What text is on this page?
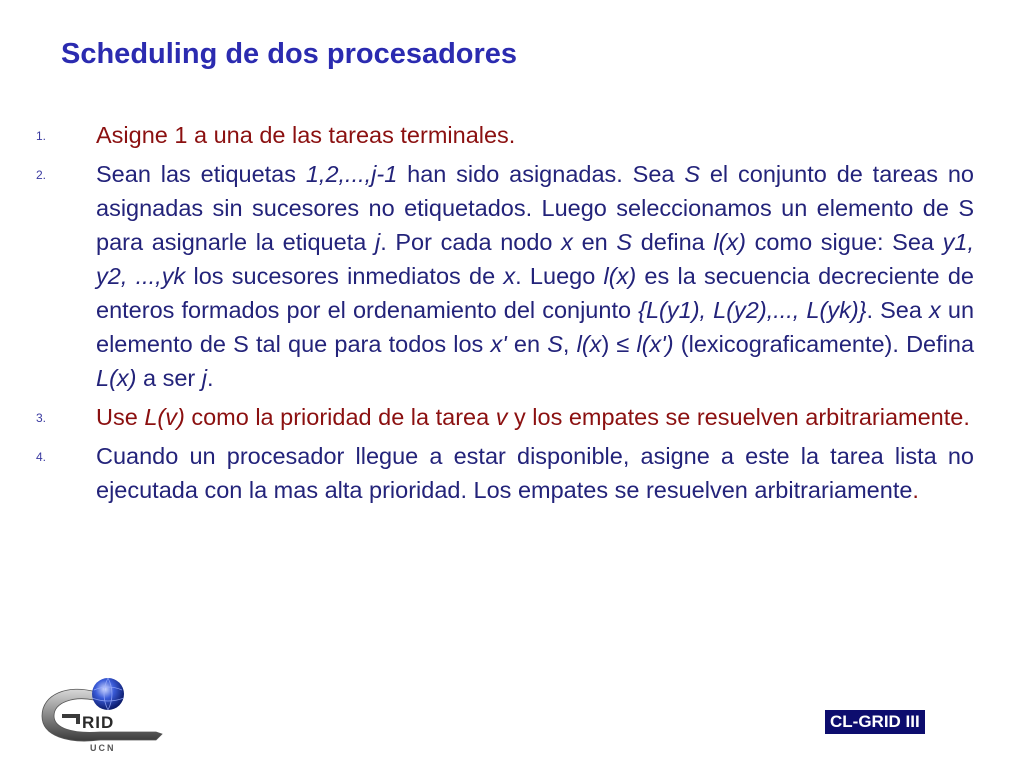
Scheduling de dos procesadores
1. Asigne 1 a una de las tareas terminales.
2. Sean las etiquetas 1,2,...,j-1 han sido asignadas. Sea S el conjunto de tareas no asignadas sin sucesores no etiquetados. Luego seleccionamos un elemento de S para asignarle la etiqueta j. Por cada nodo x en S defina l(x) como sigue: Sea y1, y2, ...,yk los sucesores inmediatos de x. Luego l(x) es la secuencia decreciente de enteros formados por el ordenamiento del conjunto {L(y1), L(y2),..., L(yk)}. Sea x un elemento de S tal que para todos los x' en S, l(x) ≤ l(x') (lexicograficamente). Defina L(x) a ser j.
3. Use L(v) como la prioridad de la tarea v y los empates se resuelven arbitrariamente.
4. Cuando un procesador llegue a estar disponible, asigne a este la tarea lista no ejecutada con la mas alta prioridad. Los empates se resuelven arbitrariamente.
RID
UCN
CL-GRID III
